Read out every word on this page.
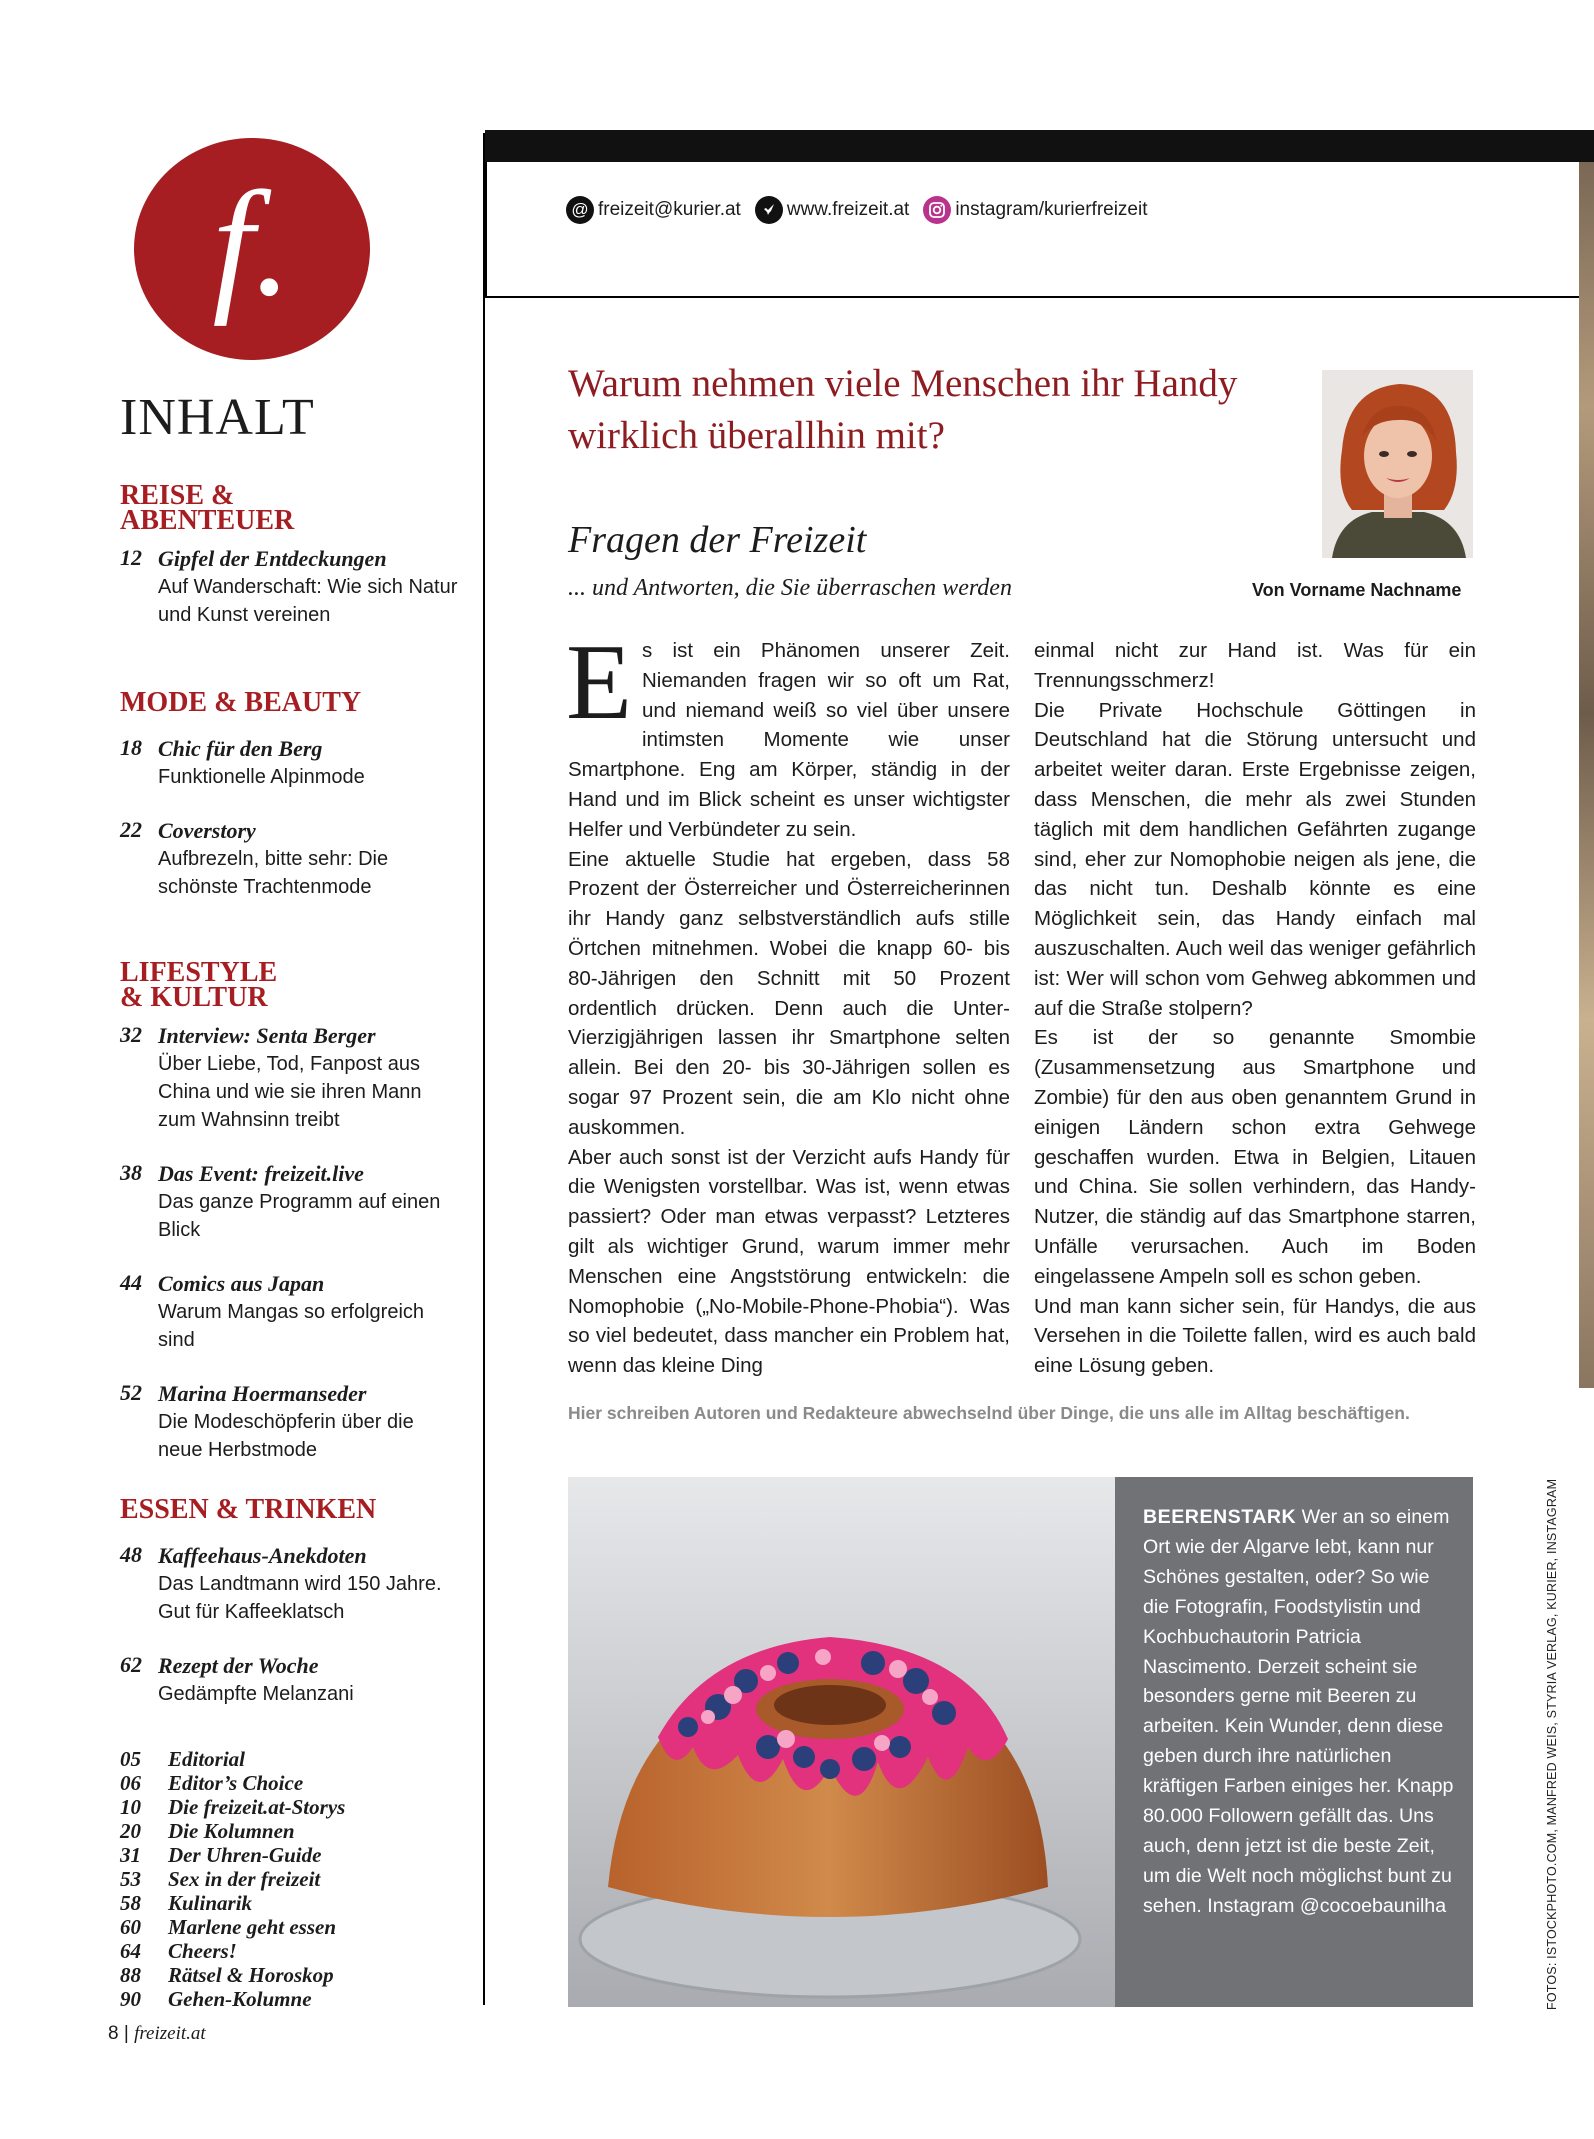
f.
INHALT
REISE &
ABENTEUER
12 Gipfel der Entdeckungen
Auf Wanderschaft: Wie sich Natur und Kunst vereinen
MODE & BEAUTY
18 Chic für den Berg
Funktionelle Alpinmode
22 Coverstory
Aufbrezeln, bitte sehr: Die schönste Trachtenmode
LIFESTYLE
& KULTUR
32 Interview: Senta Berger
Über Liebe, Tod, Fanpost aus China und wie sie ihren Mann zum Wahnsinn treibt
38 Das Event: freizeit.live
Das ganze Programm auf einen Blick
44 Comics aus Japan
Warum Mangas so erfolgreich sind
52 Marina Hoermanseder
Die Modeschöpferin über die neue Herbstmode
ESSEN & TRINKEN
48 Kaffeehaus-Anekdoten
Das Landtmann wird 150 Jahre. Gut für Kaffeeklatsch
62 Rezept der Woche
Gedämpfte Melanzani
05 Editorial
06 Editor’s Choice
10 Die freizeit.at-Storys
20 Die Kolumnen
31 Der Uhren-Guide
53 Sex in der freizeit
58 Kulinarik
60 Marlene geht essen
64 Cheers!
88 Rätsel & Horoskop
90 Gehen-Kolumne
8 | freizeit.at
@ freizeit@kurier.at www.freizeit.at instagram/kurierfreizeit
Warum nehmen viele Menschen ihr Handy wirklich überallhin mit?
Fragen der Freizeit
... und Antworten, die Sie überraschen werden	Von Vorname Nachname
E s ist ein Phänomen unserer Zeit. Niemanden fragen wir so oft um Rat, und niemand weiß so viel über unsere intimsten Momente wie unser Smartphone. Eng am Körper, ständig in der Hand und im Blick scheint es unser wichtigster Helfer und Verbündeter zu sein.

Eine aktuelle Studie hat ergeben, dass 58 Prozent der Österreicher und Österreicherinnen ihr Handy ganz selbstverständlich aufs stille Örtchen mitnehmen. Wobei die knapp 60- bis 80-Jährigen den Schnitt mit 50 Prozent ordentlich drücken. Denn auch die Unter-Vierzigjährigen lassen ihr Smartphone selten allein. Bei den 20- bis 30-Jährigen sollen es sogar 97 Prozent sein, die am Klo nicht ohne auskommen.

Aber auch sonst ist der Verzicht aufs Handy für die Wenigsten vorstellbar. Was ist, wenn etwas passiert? Oder man etwas verpasst? Letzteres gilt als wichtiger Grund, warum immer mehr Menschen eine Angststörung entwickeln: die Nomophobie („No-Mobile-Phone-Phobia“). Was so viel bedeutet, dass mancher ein Problem hat, wenn das kleine Ding

einmal nicht zur Hand ist. Was für ein Trennungsschmerz!

Die Private Hochschule Göttingen in Deutschland hat die Störung untersucht und arbeitet weiter daran. Erste Ergebnisse zeigen, dass Menschen, die mehr als zwei Stunden täglich mit dem handlichen Gefährten zugange sind, eher zur Nomophobie neigen als jene, die das nicht tun. Deshalb könnte es eine Möglichkeit sein, das Handy einfach mal auszuschalten. Auch weil das weniger gefährlich ist: Wer will schon vom Gehweg abkommen und auf die Straße stolpern?

Es ist der so genannte Smombie (Zusammensetzung aus Smartphone und Zombie) für den aus oben genanntem Grund in einigen Ländern schon extra Gehwege geschaffen wurden. Etwa in Belgien, Litauen und China. Sie sollen verhindern, das Handy-Nutzer, die ständig auf das Smartphone starren, Unfälle verursachen. Auch im Boden eingelassene Ampeln soll es schon geben.

Und man kann sicher sein, für Handys, die aus Versehen in die Toilette fallen, wird es auch bald eine Lösung geben.

Hier schreiben Autoren und Redakteure abwechselnd über Dinge, die uns alle im Alltag beschäftigen.
BEERENSTARK Wer an so einem Ort wie der Algarve lebt, kann nur Schönes gestalten, oder? So wie die Fotografin, Foodstylistin und Kochbuchautorin Patricia Nascimento. Derzeit scheint sie besonders gerne mit Beeren zu arbeiten. Kein Wunder, denn diese geben durch ihre natürlichen kräftigen Farben einiges her. Knapp 80.000 Followern gefällt das. Uns auch, denn jetzt ist die beste Zeit, um die Welt noch möglichst bunt zu sehen. Instagram @cocoebaunilha	FOTOS: ISTOCKPHOTO.COM, MANFRED WEIS, STYRIA VERLAG, KURIER, INSTAGRAM
